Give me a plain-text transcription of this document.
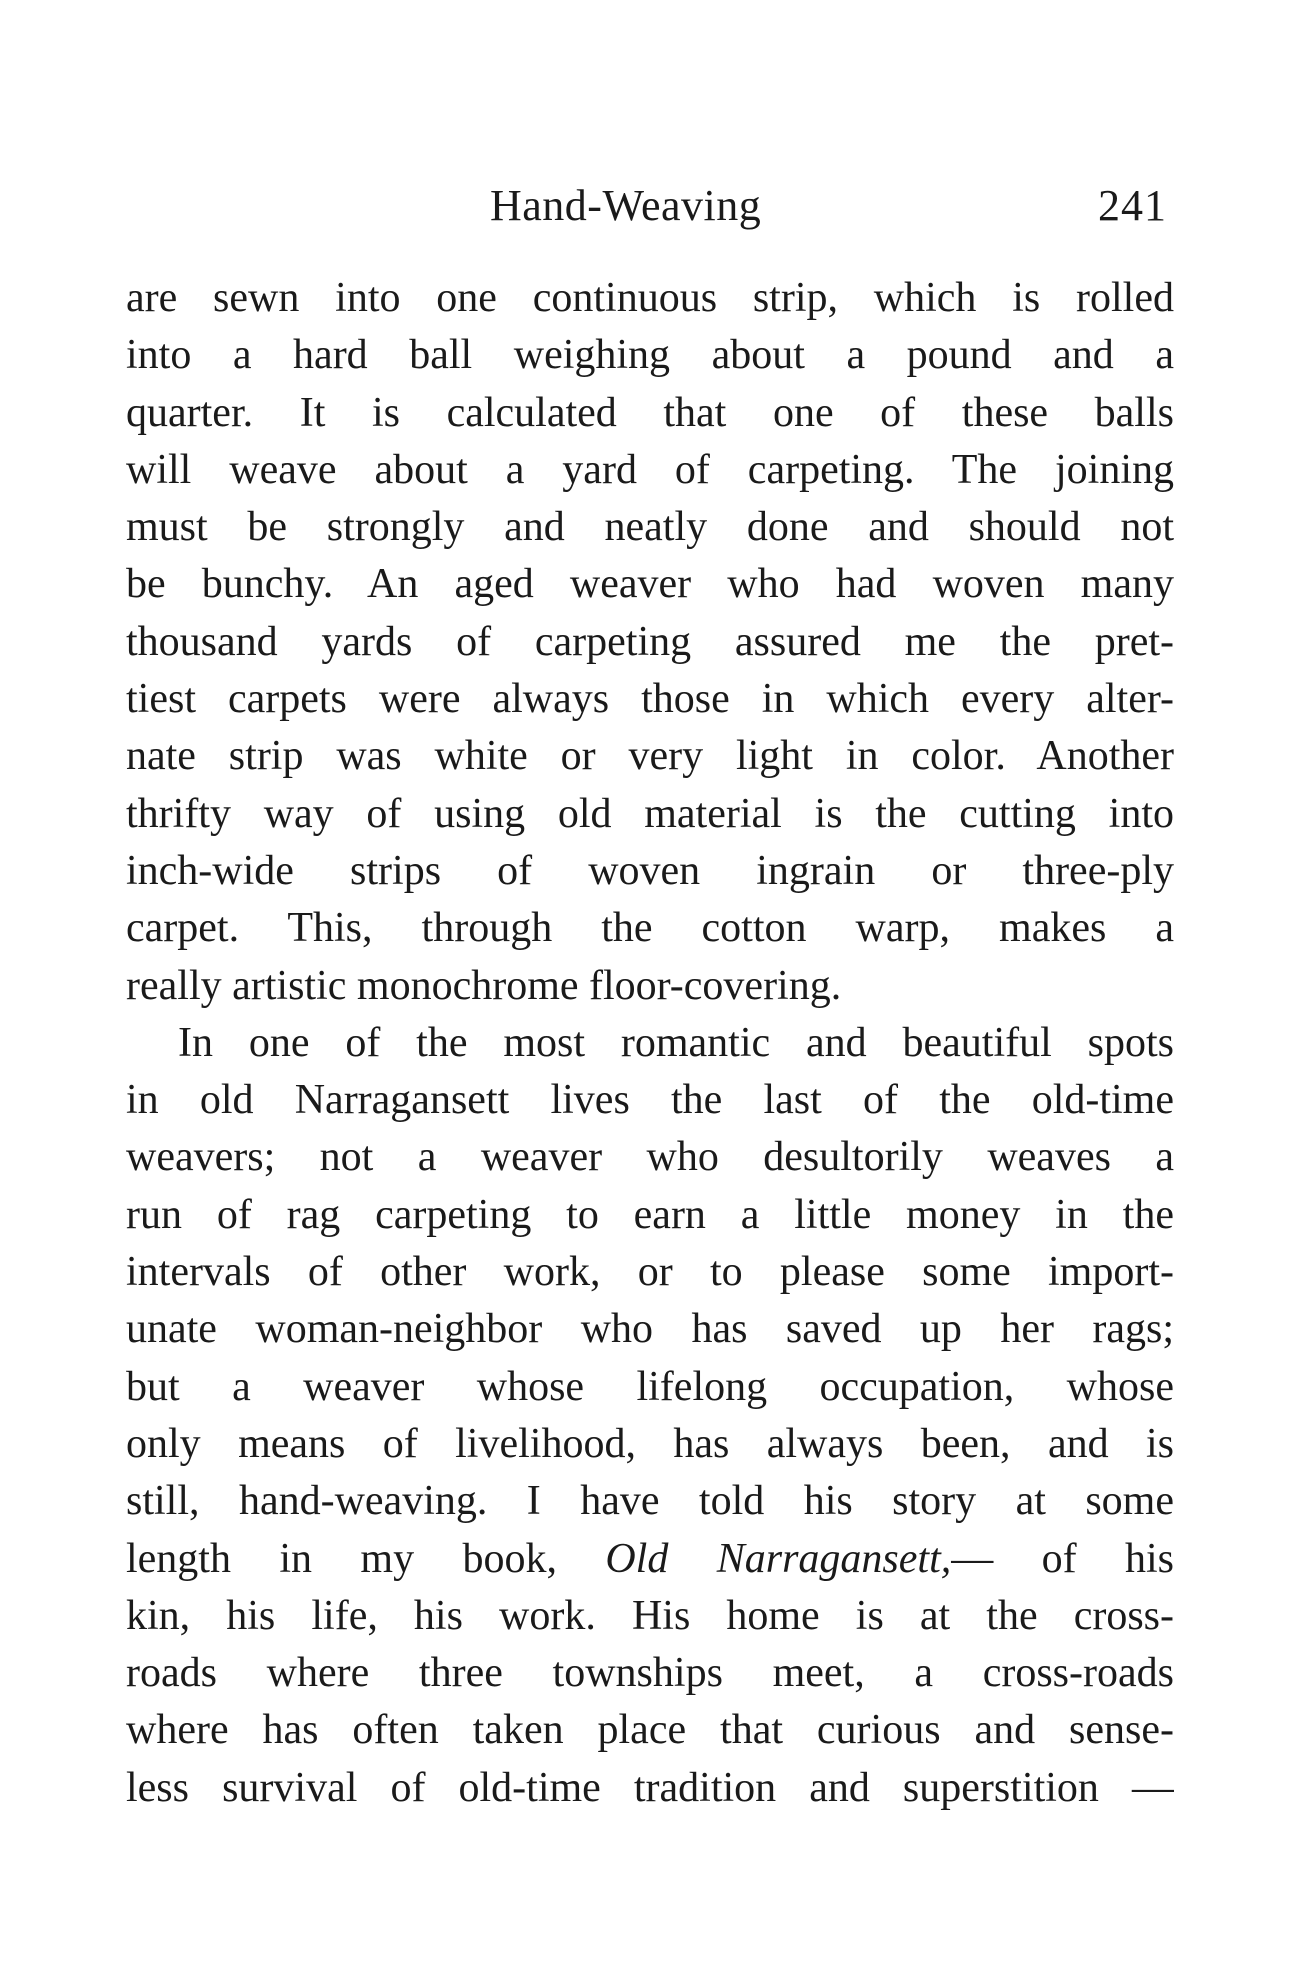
Hand-Weaving	241
are sewn into one continuous strip, which is rolled
into a hard ball weighing about a pound and a
quarter. It is calculated that one of these balls
will weave about a yard of carpeting. The joining
must be strongly and neatly done and should not
be bunchy. An aged weaver who had woven many
thousand yards of carpeting assured me the pret-
tiest carpets were always those in which every alter-
nate strip was white or very light in color. Another
thrifty way of using old material is the cutting into
inch-wide strips of woven ingrain or three-ply
carpet. This, through the cotton warp, makes a
really artistic monochrome floor-covering.
In one of the most romantic and beautiful spots
in old Narragansett lives the last of the old-time
weavers; not a weaver who desultorily weaves a
run of rag carpeting to earn a little money in the
intervals of other work, or to please some import-
unate woman-neighbor who has saved up her rags;
but a weaver whose lifelong occupation, whose
only means of livelihood, has always been, and is
still, hand-weaving. I have told his story at some
length in my book, Old Narragansett,— of his
kin, his life, his work. His home is at the cross-
roads where three townships meet, a cross-roads
where has often taken place that curious and sense-
less survival of old-time tradition and superstition —
